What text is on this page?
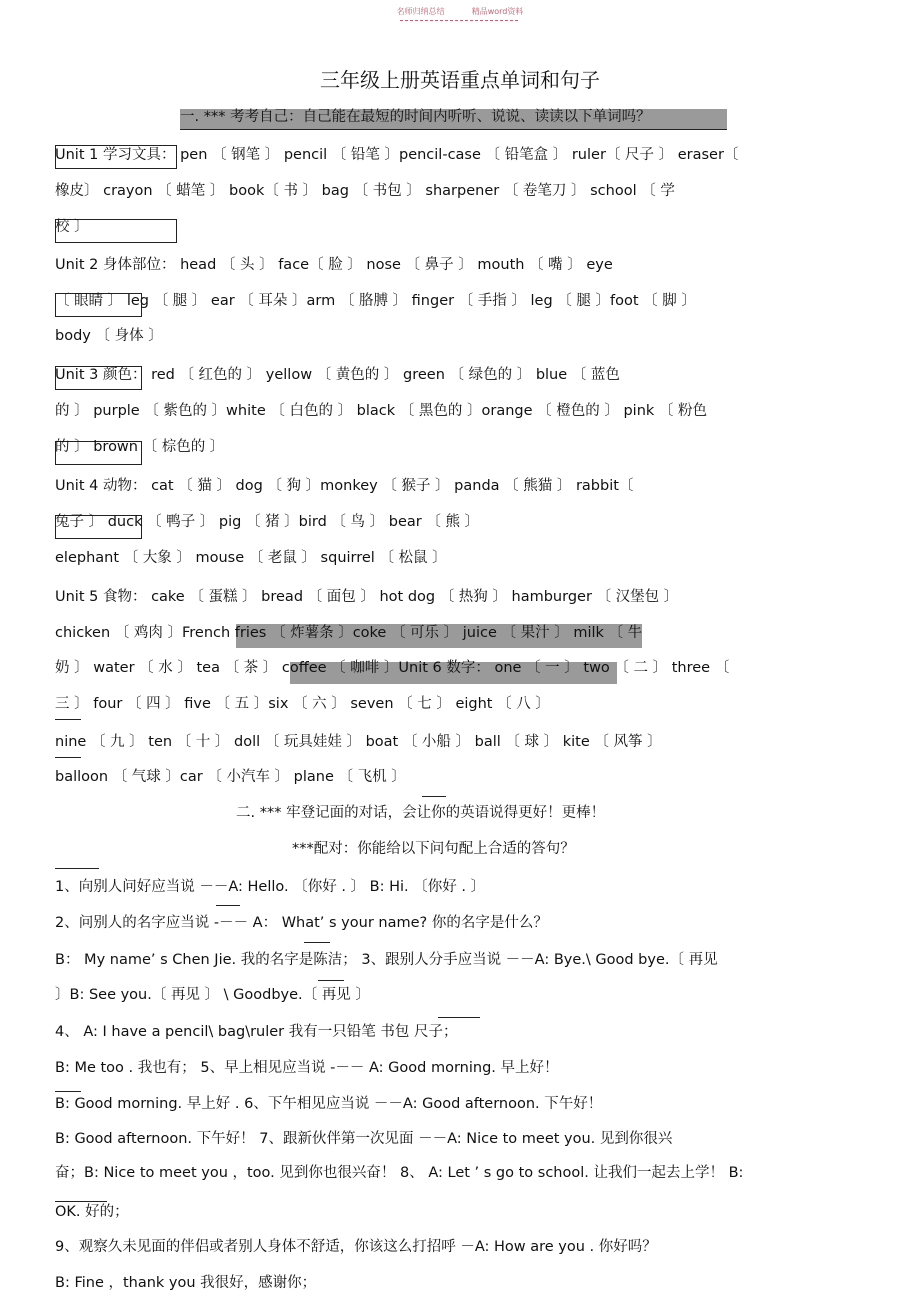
名师归纳总结	精品word资料
三年级上册英语重点单词和句子
一. *** 考考自己：自己能在最短的时间内听听、说说、读读以下单词吗？
Unit 1 学习文具： pen 〔 钢笔 〕 pencil 〔 铅笔 〕pencil-case 〔 铅笔盒 〕 ruler〔 尺子 〕 eraser〔
橡皮〕 crayon 〔 蜡笔 〕 book〔 书 〕 bag 〔 书包 〕 sharpener 〔 卷笔刀 〕 school 〔 学
校 〕
Unit 2 身体部位： head 〔 头 〕 face〔 脸 〕 nose 〔 鼻子 〕 mouth 〔 嘴 〕 eye
〔 眼睛 〕 leg 〔 腿 〕 ear 〔 耳朵 〕arm 〔 胳膊 〕 finger 〔 手指 〕 leg 〔 腿 〕foot 〔 脚 〕
body 〔 身体 〕
Unit 3 颜色： red 〔 红色的 〕 yellow 〔 黄色的 〕 green 〔 绿色的 〕 blue 〔 蓝色
的 〕 purple 〔 紫色的 〕white 〔 白色的 〕 black 〔 黑色的 〕orange 〔 橙色的 〕 pink 〔 粉色
的 〕 brown 〔 棕色的 〕
Unit 4 动物： cat 〔 猫 〕 dog 〔 狗 〕monkey 〔 猴子 〕 panda 〔 熊猫 〕 rabbit〔
兔子 〕 duck 〔 鸭子 〕 pig 〔 猪 〕bird 〔 鸟 〕 bear 〔 熊 〕
elephant 〔 大象 〕 mouse 〔 老鼠 〕 squirrel 〔 松鼠 〕
Unit 5 食物： cake 〔 蛋糕 〕 bread 〔 面包 〕 hot dog 〔 热狗 〕 hamburger 〔 汉堡包 〕
chicken 〔 鸡肉 〕French fries 〔 炸薯条 〕coke 〔 可乐 〕 juice 〔 果汁 〕 milk 〔 牛
奶 〕 water 〔 水 〕 tea 〔 茶 〕 coffee 〔 咖啡 〕Unit 6 数字： one 〔 一 〕 two 〔 二 〕 three 〔
三 〕 four 〔 四 〕 five 〔 五 〕six 〔 六 〕 seven 〔 七 〕 eight 〔 八 〕
nine 〔 九 〕 ten 〔 十 〕 doll 〔 玩具娃娃 〕 boat 〔 小船 〕 ball 〔 球 〕 kite 〔 风筝 〕
balloon 〔 气球 〕car 〔 小汽车 〕 plane 〔 飞机 〕
二. *** 牢登记面的对话，会让你的英语说得更好！更棒！
***配对：你能给以下问句配上合适的答句？
1、向别人问好应当说 －－A: Hello. 〔你好 . 〕 B: Hi. 〔你好 . 〕
2、问别人的名字应当说 -－－ A： What’ s your name? 你的名字是什么？
B： My name’ s Chen Jie. 我的名字是陈洁； 3、跟别人分手应当说 －－A: Bye.\ Good bye.〔 再见
〕B: See you.〔 再见 〕 \ Goodbye.〔 再见 〕
4、 A: I have a pencil\ bag\ruler 我有一只铅笔 书包 尺子；
B: Me too . 我也有； 5、早上相见应当说 -－－ A: Good morning. 早上好！
B: Good morning. 早上好 . 6、下午相见应当说 －－A: Good afternoon. 下午好！
B: Good afternoon. 下午好！ 7、跟新伙伴第一次见面 －－A: Nice to meet you. 见到你很兴
奋；B: Nice to meet you ，too. 见到你也很兴奋！ 8、 A: Let ’ s go to school. 让我们一起去上学！ B:
OK. 好的；
9、观察久未见面的伴侣或者别人身体不舒适，你该这么打招呼 －A: How are you . 你好吗？
B: Fine ，thank you 我很好，感谢你；
